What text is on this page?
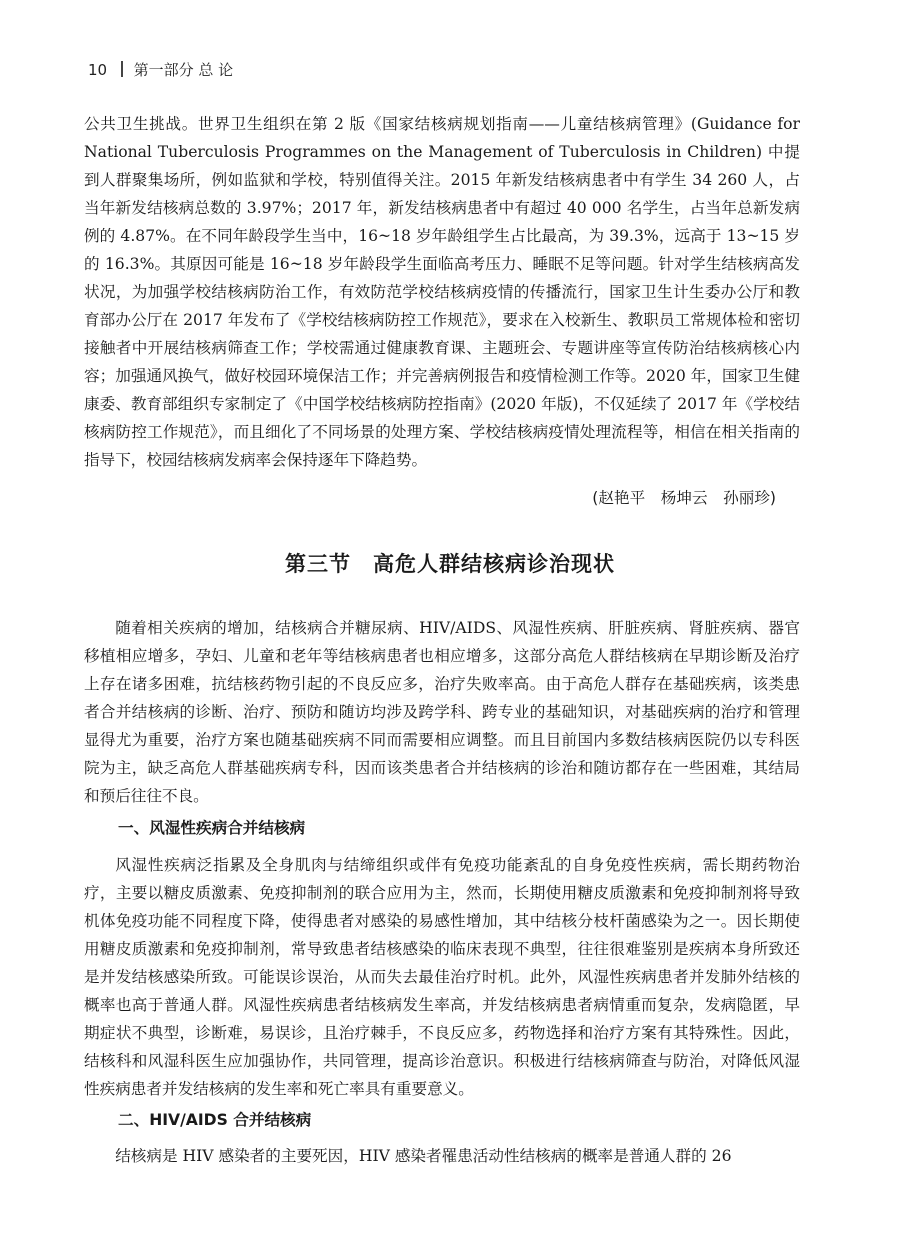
10 第一部分 总 论

公共卫生挑战。世界卫生组织在第 2 版《国家结核病规划指南——儿童结核病管理》(Guidance for National Tuberculosis Programmes on the Management of Tuberculosis in Children) 中提到人群聚集场所，例如监狱和学校，特别值得关注。2015 年新发结核病患者中有学生 34 260 人，占当年新发结核病总数的 3.97%；2017 年，新发结核病患者中有超过 40 000 名学生，占当年总新发病例的 4.87%。在不同年龄段学生当中，16~18 岁年龄组学生占比最高，为 39.3%，远高于 13~15 岁的 16.3%。其原因可能是 16~18 岁年龄段学生面临高考压力、睡眠不足等问题。针对学生结核病高发状况，为加强学校结核病防治工作，有效防范学校结核病疫情的传播流行，国家卫生计生委办公厅和教育部办公厅在 2017 年发布了《学校结核病防控工作规范》，要求在入校新生、教职员工常规体检和密切接触者中开展结核病筛查工作；学校需通过健康教育课、主题班会、专题讲座等宣传防治结核病核心内容；加强通风换气，做好校园环境保洁工作；并完善病例报告和疫情检测工作等。2020 年，国家卫生健康委、教育部组织专家制定了《中国学校结核病防控指南》(2020 年版)，不仅延续了 2017 年《学校结核病防控工作规范》，而且细化了不同场景的处理方案、学校结核病疫情处理流程等，相信在相关指南的指导下，校园结核病发病率会保持逐年下降趋势。

(赵艳平　杨坤云　孙丽珍)
第三节　高危人群结核病诊治现状

随着相关疾病的增加，结核病合并糖尿病、HIV/AIDS、风湿性疾病、肝脏疾病、肾脏疾病、器官移植相应增多，孕妇、儿童和老年等结核病患者也相应增多，这部分高危人群结核病在早期诊断及治疗上存在诸多困难，抗结核药物引起的不良反应多，治疗失败率高。由于高危人群存在基础疾病，该类患者合并结核病的诊断、治疗、预防和随访均涉及跨学科、跨专业的基础知识，对基础疾病的治疗和管理显得尤为重要，治疗方案也随基础疾病不同而需要相应调整。而且目前国内多数结核病医院仍以专科医院为主，缺乏高危人群基础疾病专科，因而该类患者合并结核病的诊治和随访都存在一些困难，其结局和预后往往不良。

一、风湿性疾病合并结核病

风湿性疾病泛指累及全身肌肉与结缔组织或伴有免疫功能紊乱的自身免疫性疾病，需长期药物治疗，主要以糖皮质激素、免疫抑制剂的联合应用为主，然而，长期使用糖皮质激素和免疫抑制剂将导致机体免疫功能不同程度下降，使得患者对感染的易感性增加，其中结核分枝杆菌感染为之一。因长期使用糖皮质激素和免疫抑制剂，常导致患者结核感染的临床表现不典型，往往很难鉴别是疾病本身所致还是并发结核感染所致。可能误诊误治，从而失去最佳治疗时机。此外，风湿性疾病患者并发肺外结核的概率也高于普通人群。风湿性疾病患者结核病发生率高，并发结核病患者病情重而复杂，发病隐匿，早期症状不典型，诊断难，易误诊，且治疗棘手，不良反应多，药物选择和治疗方案有其特殊性。因此，结核科和风湿科医生应加强协作，共同管理，提高诊治意识。积极进行结核病筛查与防治，对降低风湿性疾病患者并发结核病的发生率和死亡率具有重要意义。

二、HIV/AIDS 合并结核病

结核病是 HIV 感染者的主要死因，HIV 感染者罹患活动性结核病的概率是普通人群的 26
